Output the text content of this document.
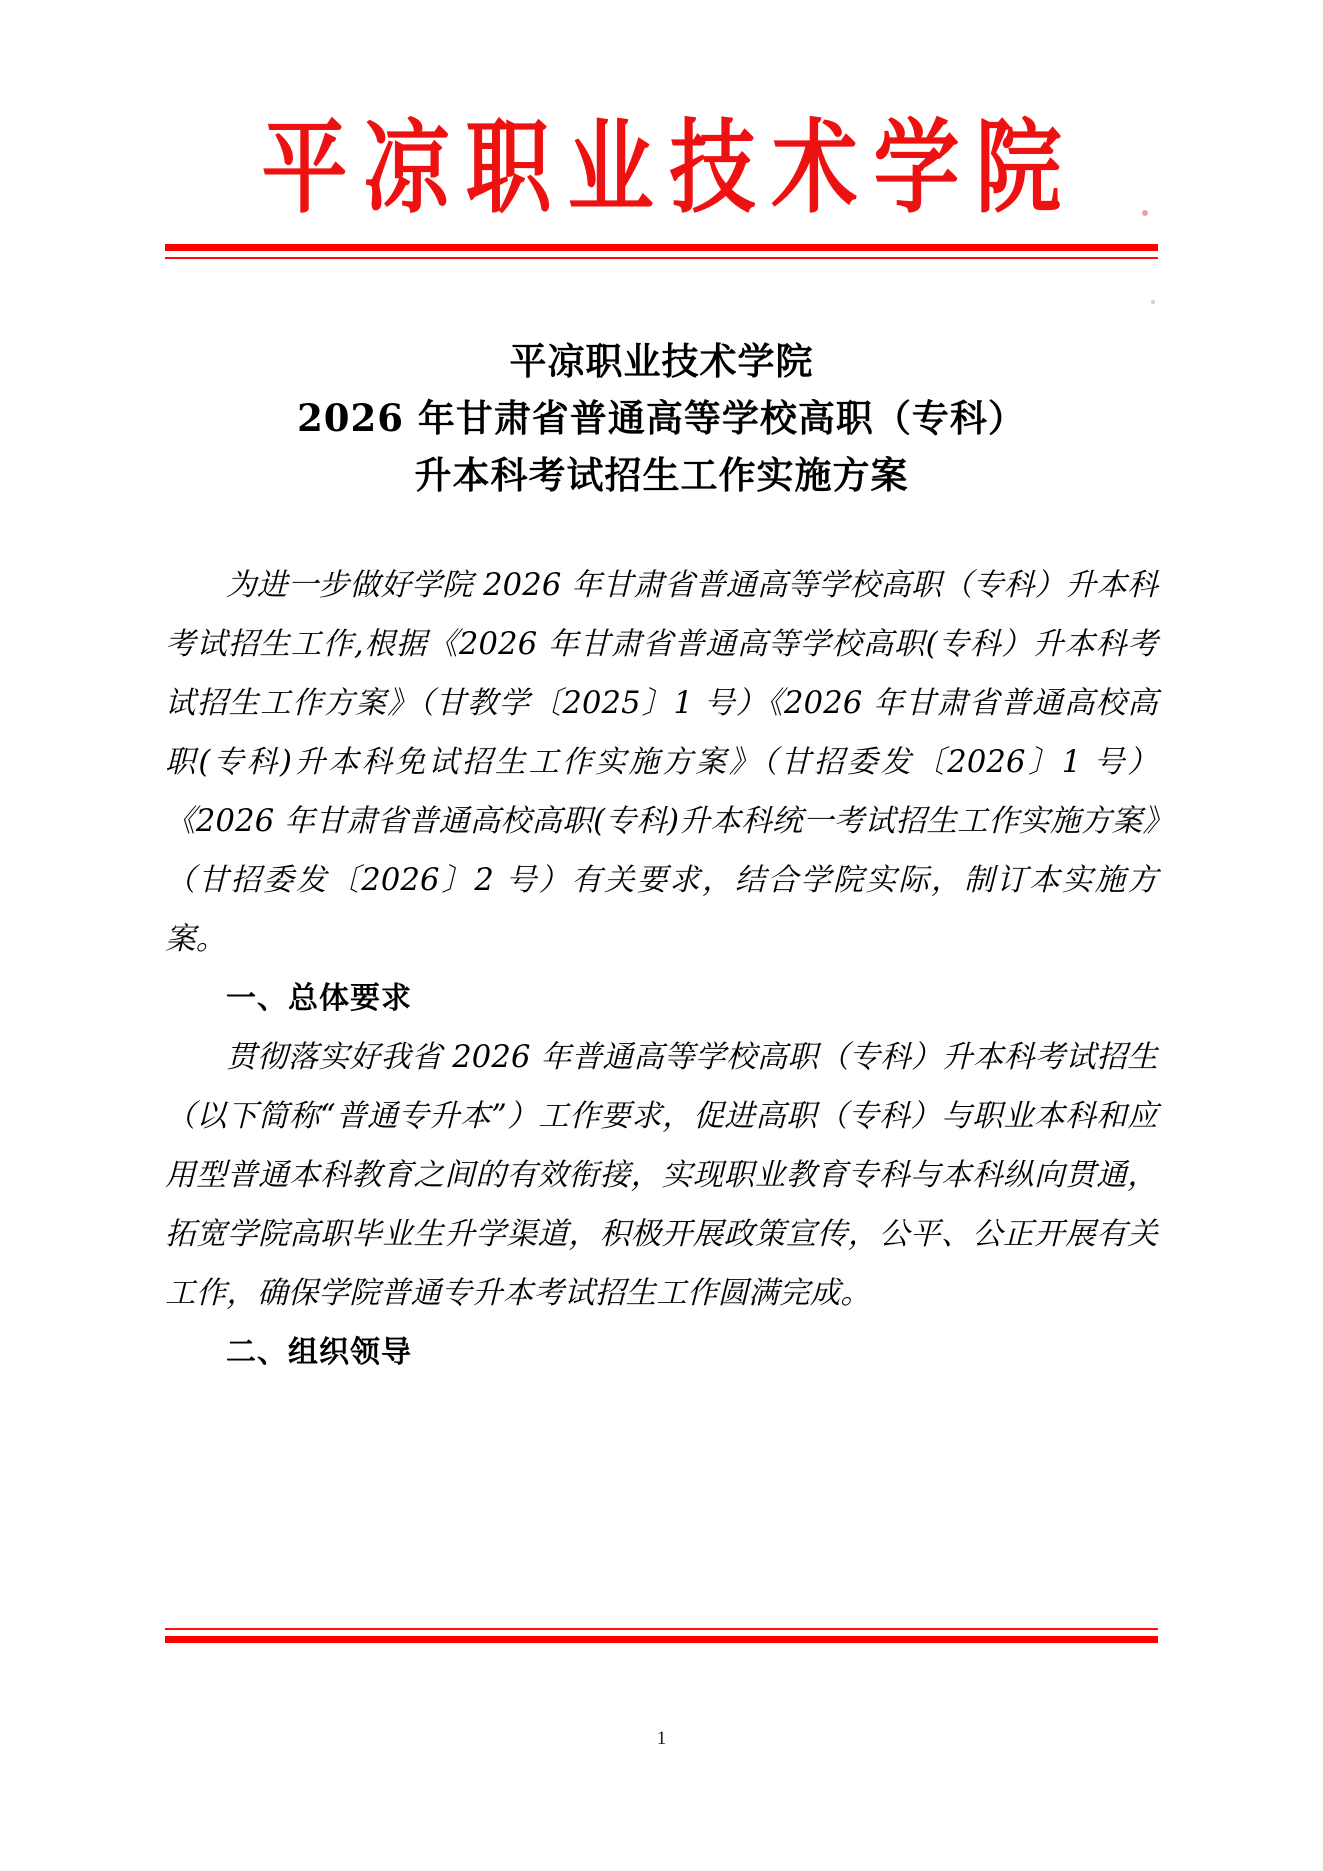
平凉职业技术学院
平凉职业技术学院
2026 年甘肃省普通高等学校高职（专科）
升本科考试招生工作实施方案

为进一步做好学院 2026 年甘肃省普通高等学校高职（专科）升本科考试招生工作,根据《2026 年甘肃省普通高等学校高职(专科）升本科考试招生工作方案》（甘教学〔2025〕1 号）《2026 年甘肃省普通高校高职(专科)升本科免试招生工作实施方案》（甘招委发〔2026〕1 号）《2026 年甘肃省普通高校高职(专科)升本科统一考试招生工作实施方案》（甘招委发〔2026〕2 号）有关要求，结合学院实际，制订本实施方案。

一、总体要求

贯彻落实好我省 2026 年普通高等学校高职（专科）升本科考试招生（以下简称“普通专升本”）工作要求，促进高职（专科）与职业本科和应用型普通本科教育之间的有效衔接，实现职业教育专科与本科纵向贯通，拓宽学院高职毕业生升学渠道，积极开展政策宣传，公平、公正开展有关工作，确保学院普通专升本考试招生工作圆满完成。

二、组织领导
1
